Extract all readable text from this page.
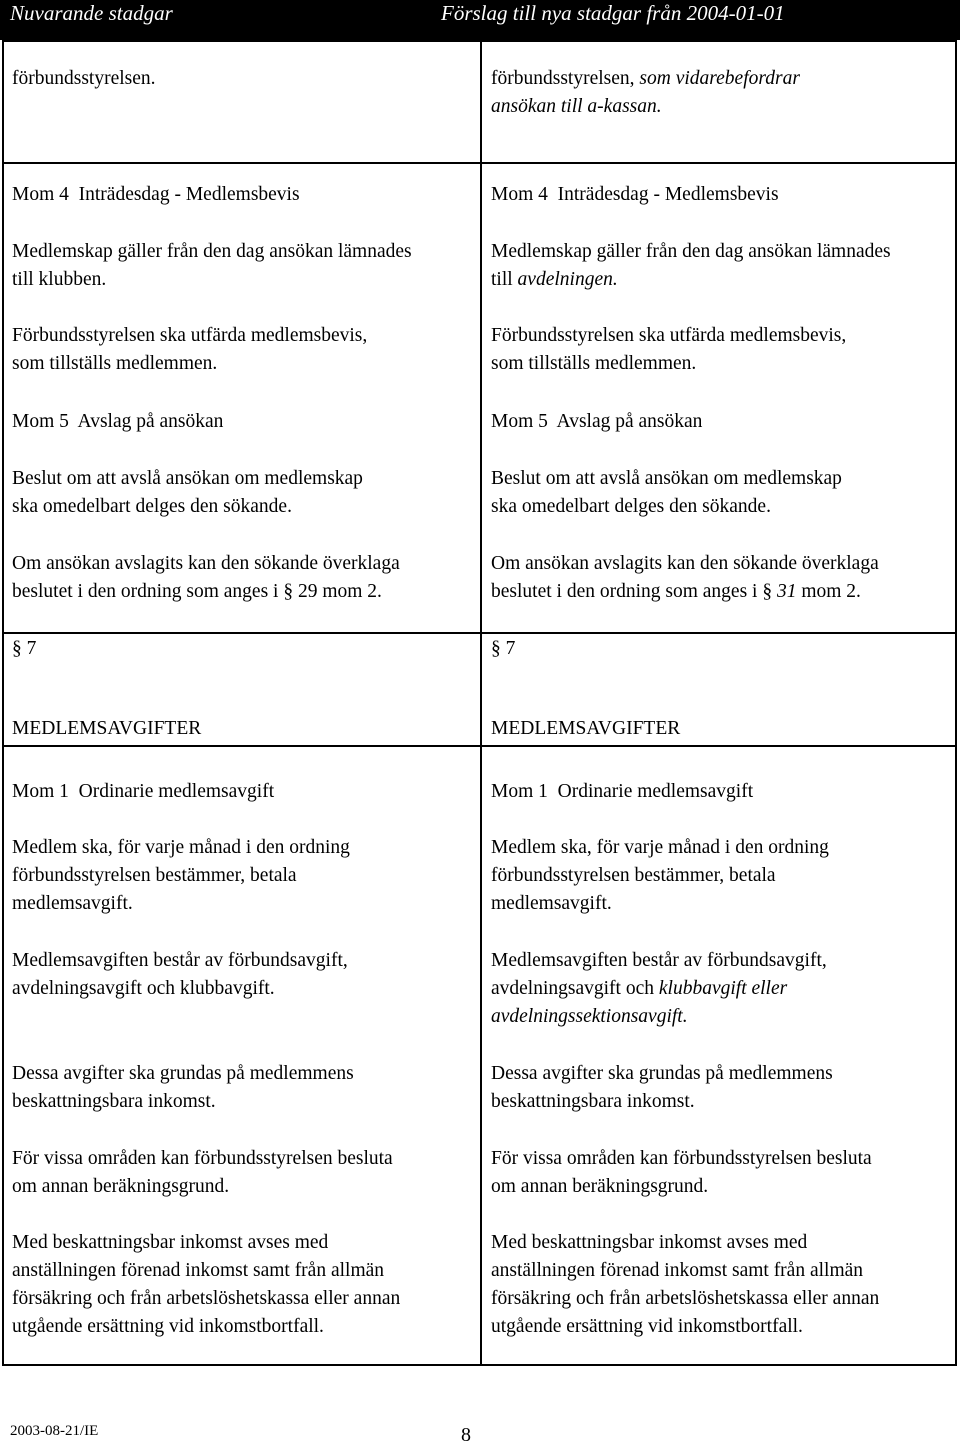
Nuvarande stadgar	Förslag till nya stadgar från 2004-01-01

förbundsstyrelsen.

Mom 4  Inträdesdag - Medlemsbevis

Medlemskap gäller från den dag ansökan lämnades

till klubben.

Förbundsstyrelsen ska utfärda medlemsbevis,

som tillställs medlemmen.

Mom 5  Avslag på ansökan

Beslut om att avslå ansökan om medlemskap

ska omedelbart delges den sökande.

Om ansökan avslagits kan den sökande överklaga

beslutet i den ordning som anges i § 29 mom 2.

§ 7

MEDLEMSAVGIFTER

Mom 1  Ordinarie medlemsavgift

Medlem ska, för varje månad i den ordning

förbundsstyrelsen bestämmer, betala

medlemsavgift.

Medlemsavgiften består av förbundsavgift,

avdelningsavgift och klubbavgift.

Dessa avgifter ska grundas på medlemmens

beskattningsbara inkomst.

För vissa områden kan förbundsstyrelsen besluta

om annan beräkningsgrund.

Med beskattningsbar inkomst avses med

anställningen förenad inkomst samt från allmän

försäkring och från arbetslöshetskassa eller annan

utgående ersättning vid inkomstbortfall.

förbundsstyrelsen, som vidarebefordrar

ansökan till a-kassan.

Mom 4  Inträdesdag - Medlemsbevis

Medlemskap gäller från den dag ansökan lämnades

till avdelningen.

Förbundsstyrelsen ska utfärda medlemsbevis,

som tillställs medlemmen.

Mom 5  Avslag på ansökan

Beslut om att avslå ansökan om medlemskap

ska omedelbart delges den sökande.

Om ansökan avslagits kan den sökande överklaga

beslutet i den ordning som anges i § 31 mom 2.

§ 7

MEDLEMSAVGIFTER

Mom 1  Ordinarie medlemsavgift

Medlem ska, för varje månad i den ordning

förbundsstyrelsen bestämmer, betala

medlemsavgift.

Medlemsavgiften består av förbundsavgift,

avdelningsavgift och klubbavgift eller

avdelningssektionsavgift.

Dessa avgifter ska grundas på medlemmens

beskattningsbara inkomst.

För vissa områden kan förbundsstyrelsen besluta

om annan beräkningsgrund.

Med beskattningsbar inkomst avses med

anställningen förenad inkomst samt från allmän

försäkring och från arbetslöshetskassa eller annan

utgående ersättning vid inkomstbortfall.

2003-08-21/IE	8
